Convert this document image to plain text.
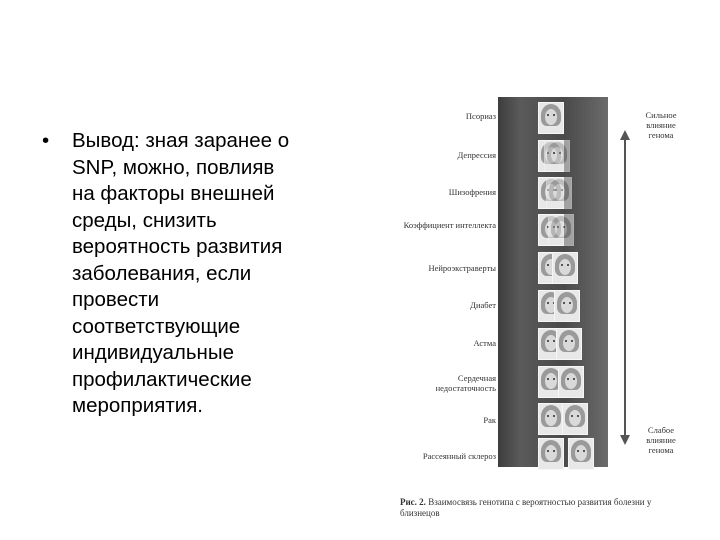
• Вывод: зная заранее о
SNP, можно, повлияв
на факторы внешней
среды, снизить
вероятность развития
заболевания, если
провести
соответствующие
индивидуальные
профилактические
мероприятия.
Псориаз
Депрессия
Шизофрения
Коэффициент интеллекта
Нейроэкстраверты
Диабет
Астма
Сердечная недостаточность
Рак
Рассеянный склероз
Сильное
влияние
генома
Слабое
влияние
генома
Рис. 2. Взаимосвязь генотипа с вероятностью развития болезни у близнецов
